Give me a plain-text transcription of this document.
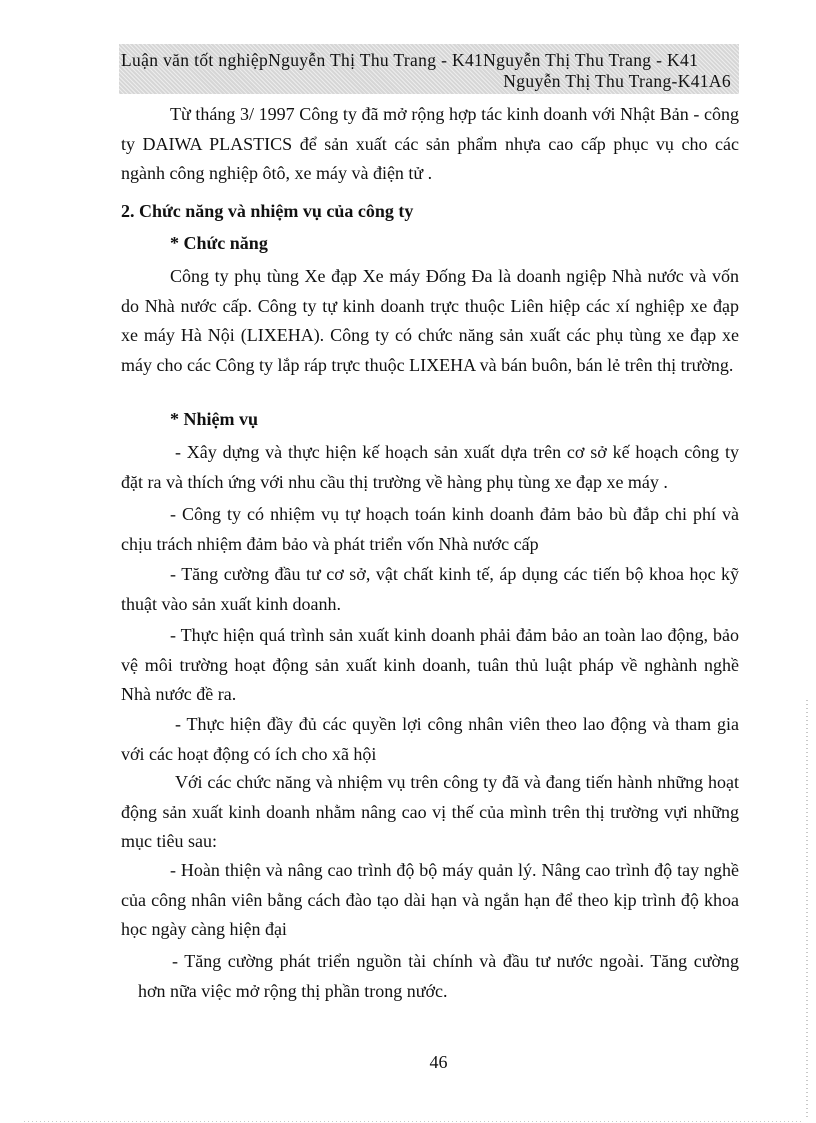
Luận văn tốt nghiệpNguyễn Thị Thu Trang - K41Nguyễn Thị Thu Trang - K41
Nguyễn Thị Thu Trang-K41A6

Từ tháng 3/ 1997 Công ty đã mở rộng hợp tác kinh doanh với Nhật Bản - công ty DAIWA PLASTICS để sản xuất các sản phẩm nhựa cao cấp phục vụ cho các ngành công nghiệp ôtô, xe máy và điện tử .

2. Chức năng và nhiệm vụ của công ty
* Chức năng

Công ty phụ tùng Xe đạp Xe máy Đống Đa là doanh ngiệp Nhà nước và vốn do Nhà nước cấp. Công ty tự kinh doanh trực thuộc Liên hiệp các xí nghiệp xe đạp xe máy Hà Nội (LIXEHA). Công ty có chức năng sản xuất các phụ tùng xe đạp xe máy cho các Công ty lắp ráp trực thuộc LIXEHA và bán buôn, bán lẻ trên thị trường.

* Nhiệm vụ

- Xây dựng và thực hiện kế hoạch sản xuất dựa trên cơ sở kế hoạch công ty đặt ra và thích ứng với nhu cầu thị trường về hàng phụ tùng xe đạp xe máy .

- Công ty có nhiệm vụ tự hoạch toán kinh doanh đảm bảo bù đắp chi phí và chịu trách nhiệm đảm bảo và phát triển vốn Nhà nước cấp

- Tăng cường đầu tư cơ sở, vật chất kinh tế, áp dụng các tiến bộ khoa học kỹ thuật vào sản xuất kinh doanh.

- Thực hiện quá trình sản xuất kinh doanh phải đảm bảo an toàn lao động, bảo vệ môi trường hoạt động sản xuất kinh doanh, tuân thủ luật pháp về nghành nghề Nhà nước đề ra.

- Thực hiện đầy đủ các quyền lợi công nhân viên theo lao động và tham gia với các hoạt động có ích cho xã hội

Với các chức năng và nhiệm vụ trên công ty đã và đang tiến hành những hoạt động sản xuất kinh doanh nhằm nâng cao vị thế của mình trên thị trường vựi những mục tiêu sau:

- Hoàn thiện và nâng cao trình độ bộ máy quản lý. Nâng cao trình độ tay nghề của công nhân viên bằng cách đào tạo dài hạn và ngắn hạn để theo kịp trình độ khoa học ngày càng hiện đại

- Tăng cường phát triển nguồn tài chính và đầu tư nước ngoài. Tăng cường hơn nữa việc mở rộng thị phần trong nước.

46
